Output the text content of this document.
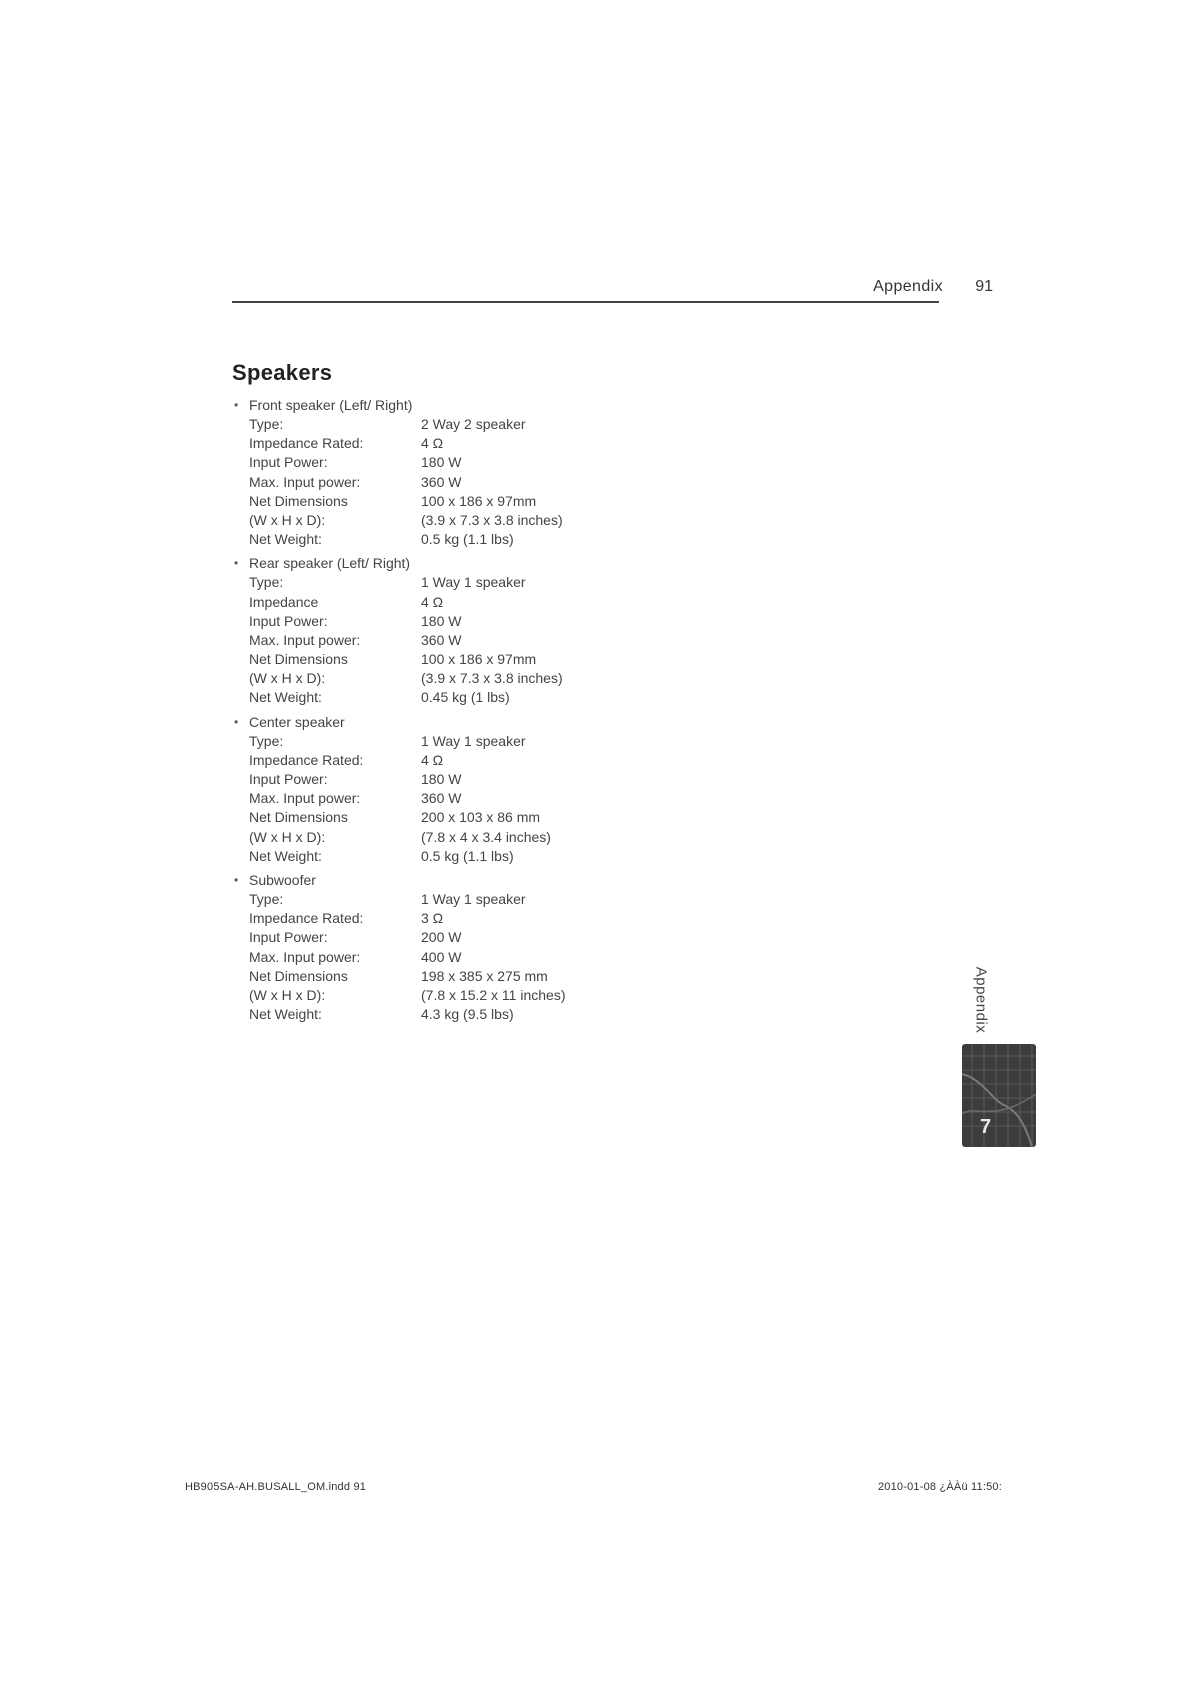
Appendix 91
Speakers
• Front speaker (Left/ Right)
Type:	2 Way 2 speaker
Impedance Rated:	4 Ω
Input Power:	180 W
Max. Input power:	360 W
Net Dimensions	100 x 186 x 97mm
(W x H x D):	(3.9 x 7.3 x 3.8 inches)
Net Weight:	0.5 kg (1.1 lbs)
• Rear speaker (Left/ Right)
Type:	1 Way 1 speaker
Impedance	4 Ω
Input Power:	180 W
Max. Input power:	360 W
Net Dimensions	100 x 186 x 97mm
(W x H x D):	(3.9 x 7.3 x 3.8 inches)
Net Weight:	0.45 kg (1 lbs)
• Center speaker
Type:	1 Way 1 speaker
Impedance Rated:	4 Ω
Input Power:	180 W
Max. Input power:	360 W
Net Dimensions	200 x 103 x 86 mm
(W x H x D):	(7.8 x 4 x 3.4 inches)
Net Weight:	0.5 kg (1.1 lbs)
• Subwoofer
Type:	1 Way 1 speaker
Impedance Rated:	3 Ω
Input Power:	200 W
Max. Input power:	400 W
Net Dimensions	198 x 385 x 275 mm
(W x H x D):	(7.8 x 15.2 x 11 inches)
Net Weight:	4.3 kg (9.5 lbs)	Appendix
7
HB905SA-AH.BUSALL_OM.indd 91	2010-01-08 ¿ÀÀü 11:50:
